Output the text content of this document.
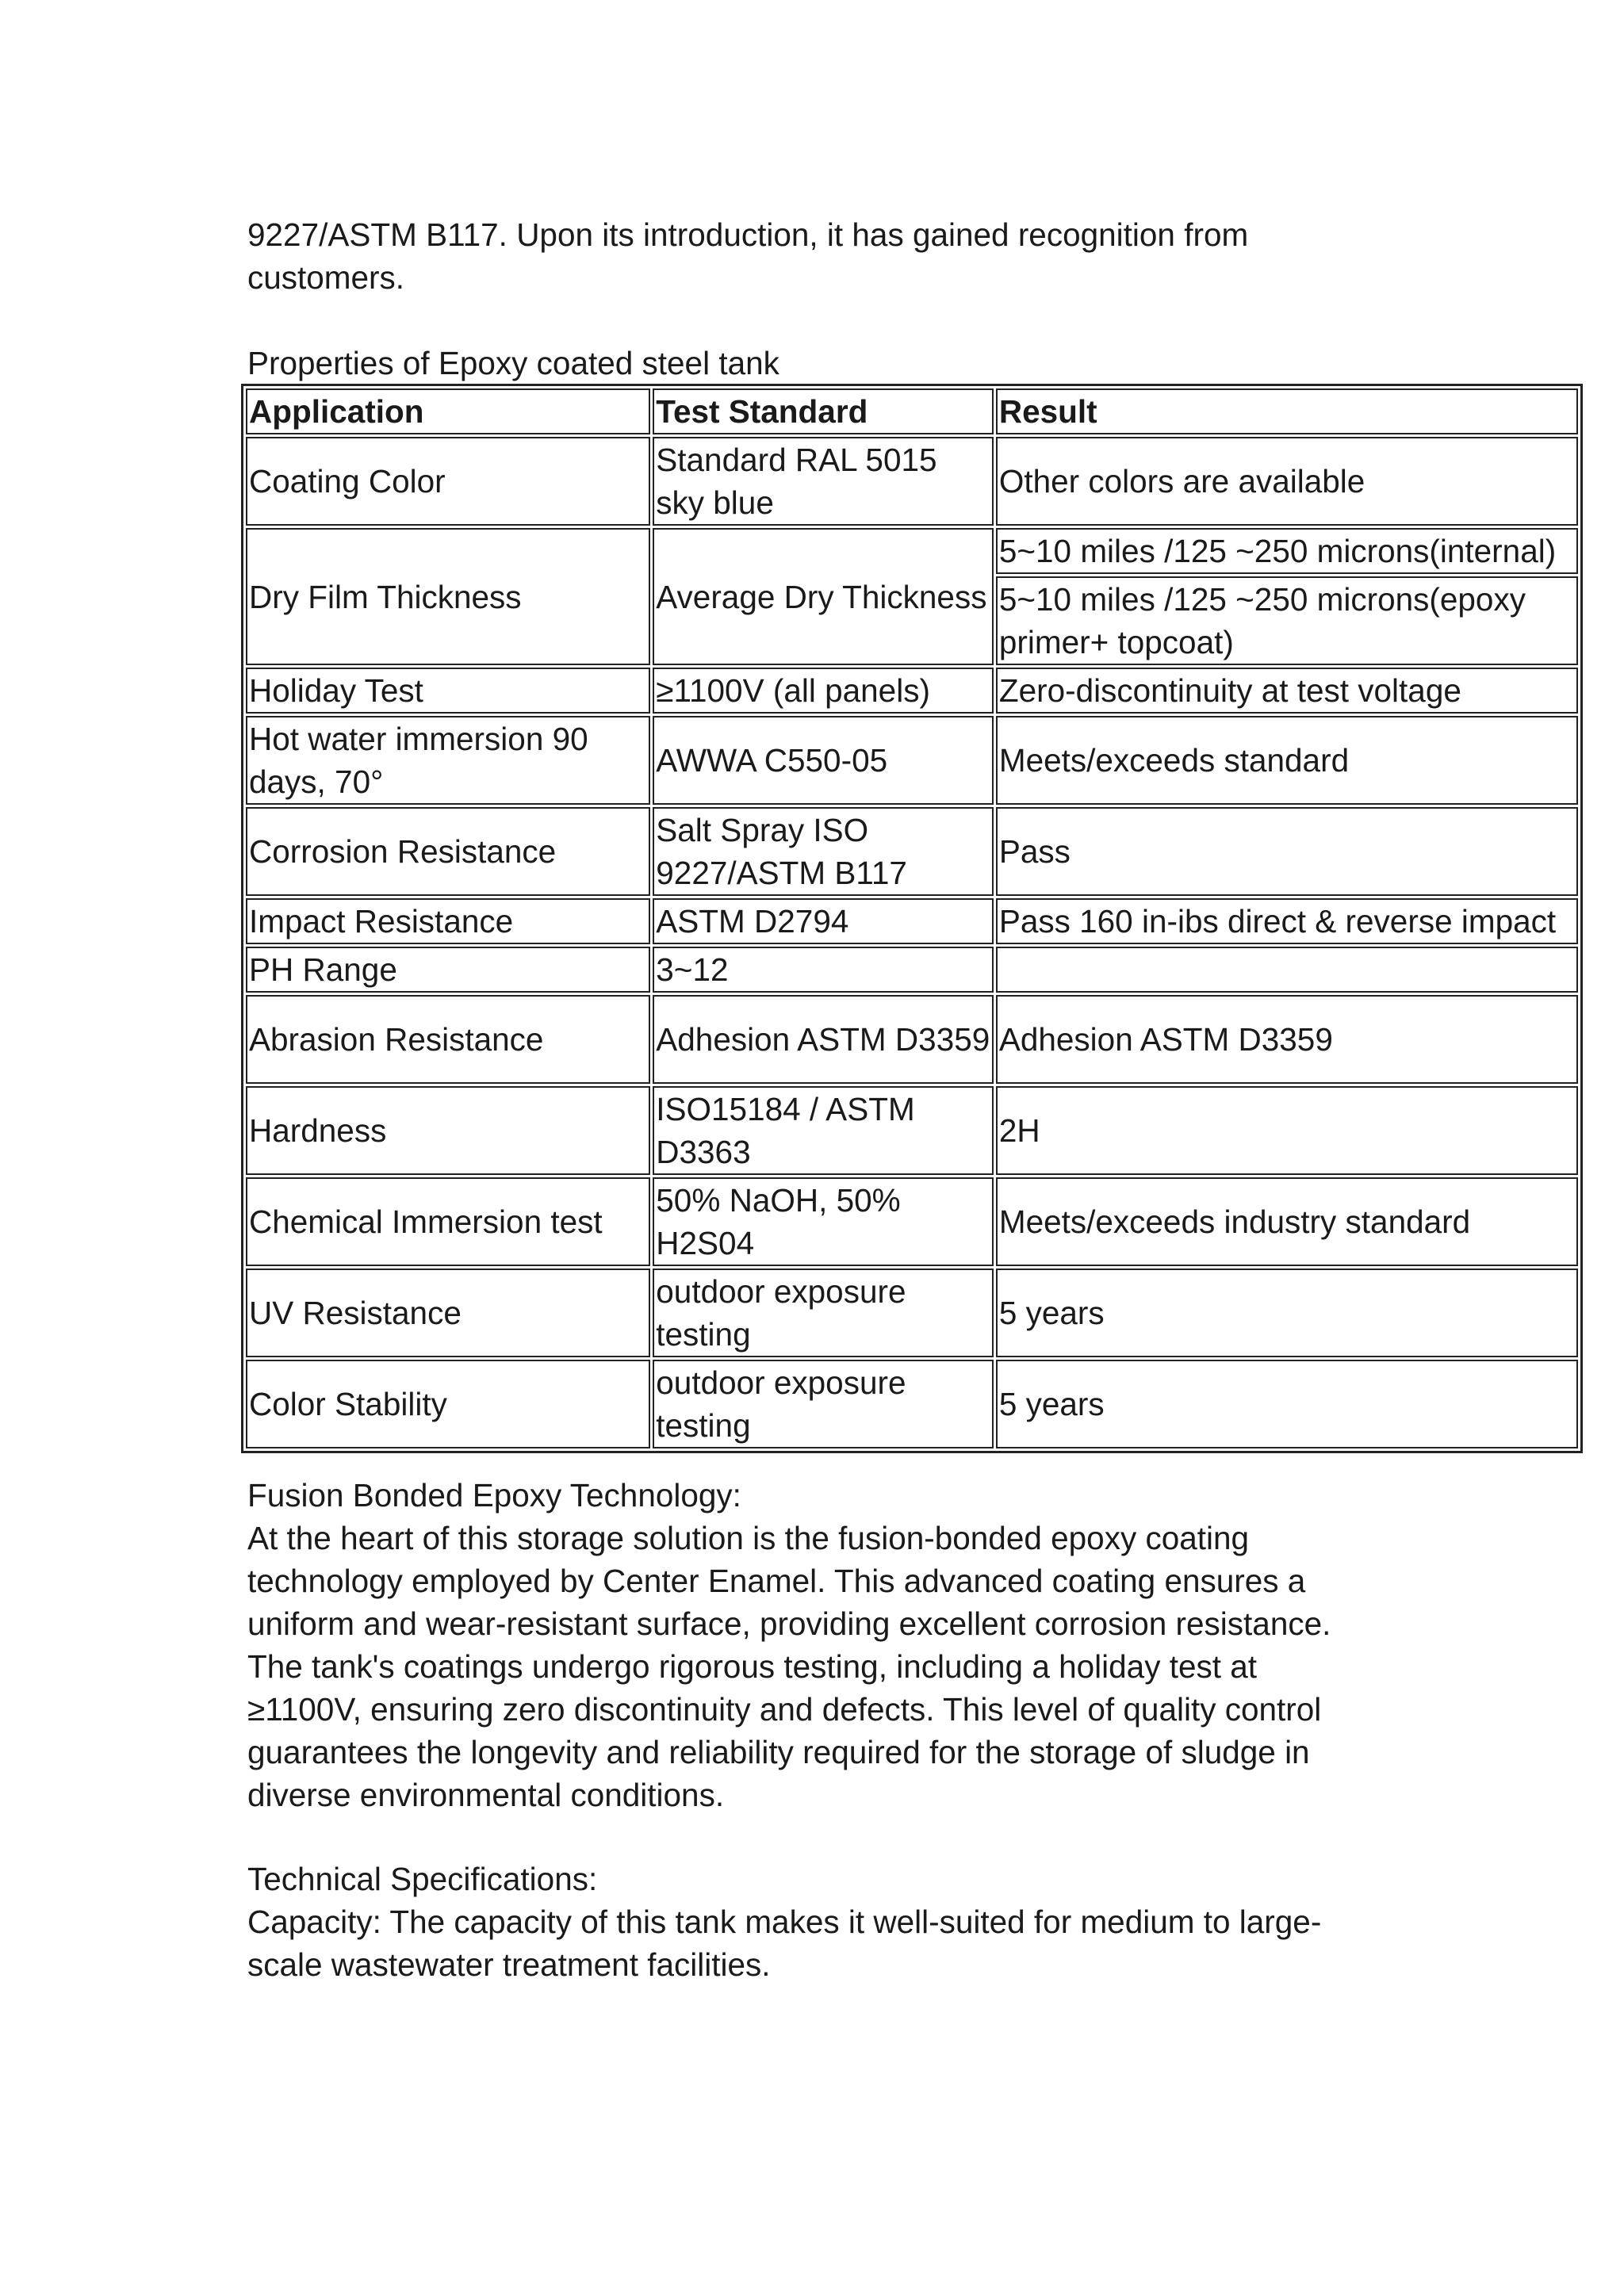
9227/ASTM B117. Upon its introduction, it has gained recognition from
customers.

Properties of Epoxy coated steel tank

Application	Test Standard	Result
Coating Color	Standard RAL 5015 sky blue	Other colors are available
Dry Film Thickness	Average Dry Thickness	5~10 miles /125 ~250 microns(internal)
		5~10 miles /125 ~250 microns(epoxy primer+ topcoat)
Holiday Test	≥1100V (all panels)	Zero-discontinuity at test voltage
Hot water immersion 90 days, 70°	AWWA C550-05	Meets/exceeds standard
Corrosion Resistance	Salt Spray ISO 9227/ASTM B117	Pass
Impact Resistance	ASTM D2794	Pass 160 in-ibs direct & reverse impact
PH Range	3~12	
Abrasion Resistance	Adhesion ASTM D3359	Adhesion ASTM D3359
Hardness	ISO15184 / ASTM D3363	2H
Chemical Immersion test	50% NaOH, 50% H2S04	Meets/exceeds industry standard
UV Resistance	outdoor exposure testing	5 years
Color Stability	outdoor exposure testing	5 years

Fusion Bonded Epoxy Technology:
At the heart of this storage solution is the fusion-bonded epoxy coating
technology employed by Center Enamel. This advanced coating ensures a
uniform and wear-resistant surface, providing excellent corrosion resistance.
The tank's coatings undergo rigorous testing, including a holiday test at
≥1100V, ensuring zero discontinuity and defects. This level of quality control
guarantees the longevity and reliability required for the storage of sludge in
diverse environmental conditions.

Technical Specifications:
Capacity: The capacity of this tank makes it well-suited for medium to large-
scale wastewater treatment facilities.
